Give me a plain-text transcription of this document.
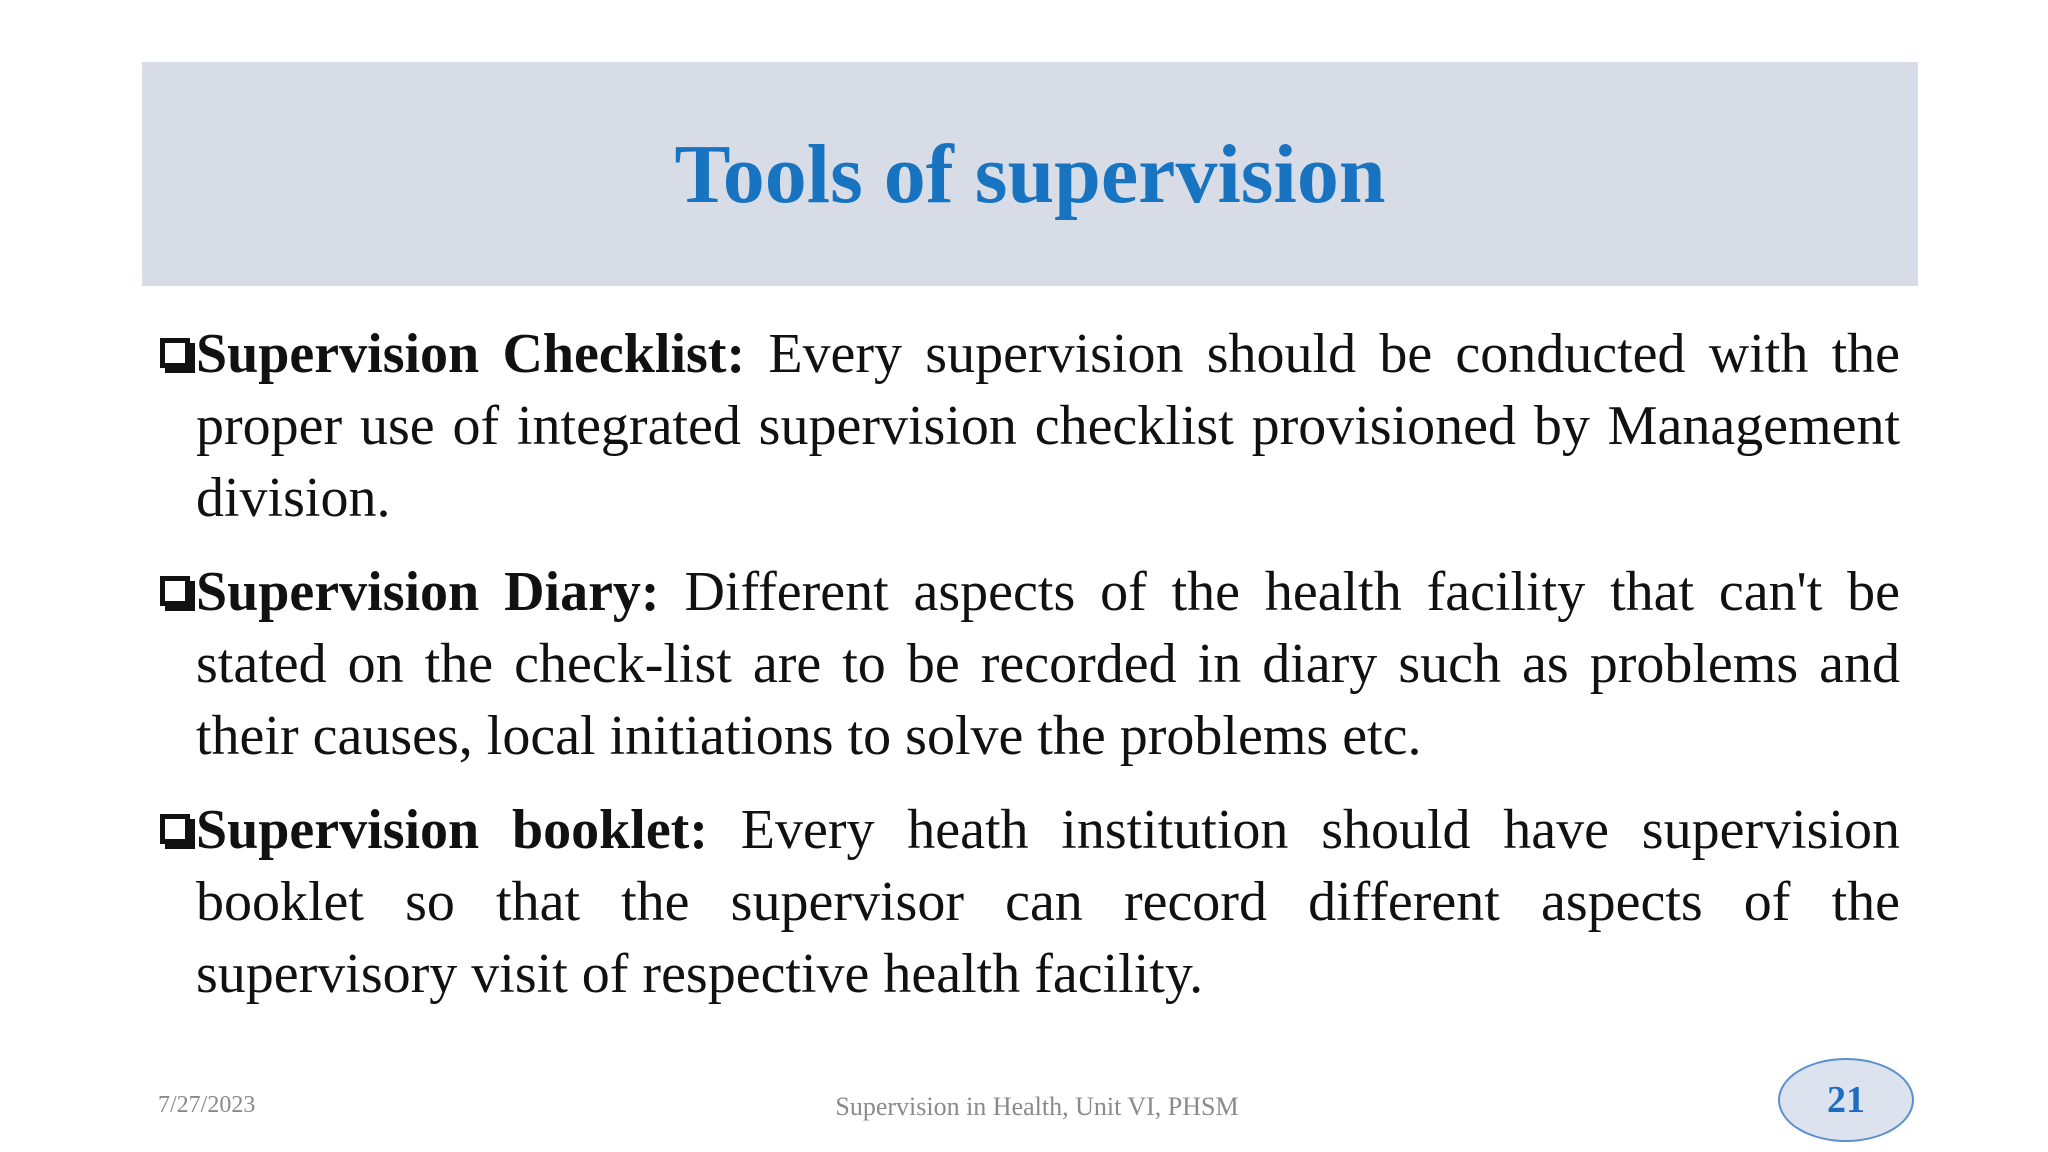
Tools of supervision
Supervision Checklist: Every supervision should be conducted with the proper use of integrated supervision checklist provisioned by Management division.
Supervision Diary: Different aspects of the health facility that can't be stated on the check-list are to be recorded in diary such as problems and their causes, local initiations to solve the problems etc.
Supervision booklet: Every heath institution should have supervision booklet so that the supervisor can record different aspects of the supervisory visit of respective health facility.
7/27/2023	Supervision in Health, Unit VI, PHSM	21
